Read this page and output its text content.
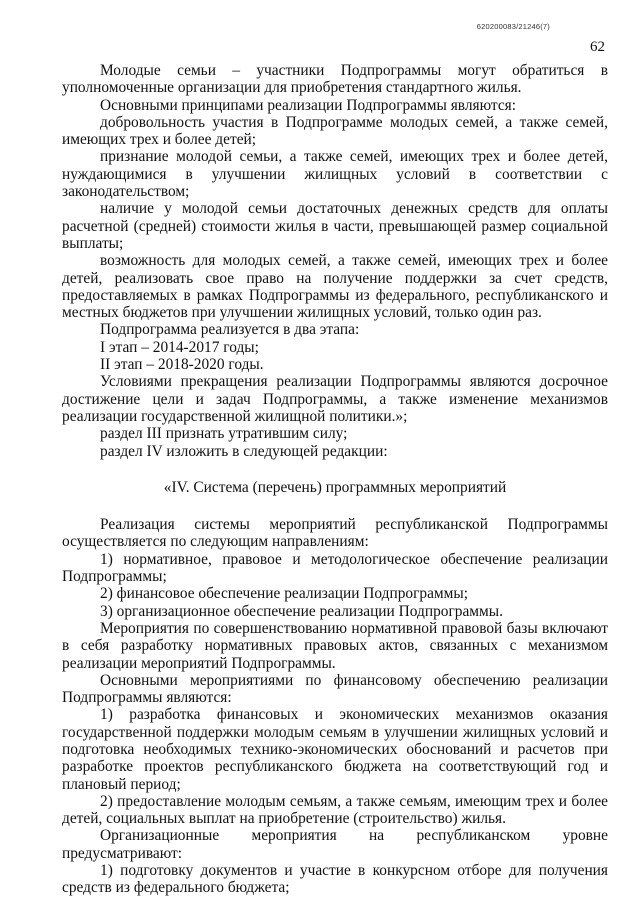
620200083/21246(7)
62

Молодые семьи – участники Подпрограммы могут обратиться в уполномоченные организации для приобретения стандартного жилья.

Основными принципами реализации Подпрограммы являются:

добровольность участия в Подпрограмме молодых семей, а также семей, имеющих трех и более детей;

признание молодой семьи, а также семей, имеющих трех и более детей, нуждающимися в улучшении жилищных условий в соответствии с законодательством;

наличие у молодой семьи достаточных денежных средств для оплаты расчетной (средней) стоимости жилья в части, превышающей размер социальной выплаты;

возможность для молодых семей, а также семей, имеющих трех и более детей, реализовать свое право на получение поддержки за счет средств, предоставляемых в рамках Подпрограммы из федерального, республиканского и местных бюджетов при улучшении жилищных условий, только один раз.

Подпрограмма реализуется в два этапа:

I этап – 2014-2017 годы;

II этап – 2018-2020 годы.

Условиями прекращения реализации Подпрограммы являются досрочное достижение цели и задач Подпрограммы, а также изменение механизмов реализации государственной жилищной политики.»;

раздел III признать утратившим силу;

раздел IV изложить в следующей редакции:

«IV. Система (перечень) программных мероприятий

Реализация системы мероприятий республиканской Подпрограммы осуществляется по следующим направлениям:

1) нормативное, правовое и методологическое обеспечение реализации Подпрограммы;

2) финансовое обеспечение реализации Подпрограммы;

3) организационное обеспечение реализации Подпрограммы.

Мероприятия по совершенствованию нормативной правовой базы включают в себя разработку нормативных правовых актов, связанных с механизмом реализации мероприятий Подпрограммы.

Основными мероприятиями по финансовому обеспечению реализации Подпрограммы являются:

1) разработка финансовых и экономических механизмов оказания государственной поддержки молодым семьям в улучшении жилищных условий и подготовка необходимых технико-экономических обоснований и расчетов при разработке проектов республиканского бюджета на соответствующий год и плановый период;

2) предоставление молодым семьям, а также семьям, имеющим трех и более детей, социальных выплат на приобретение (строительство) жилья.

Организационные мероприятия на республиканском уровне предусматривают:

1) подготовку документов и участие в конкурсном отборе для получения средств из федерального бюджета;
